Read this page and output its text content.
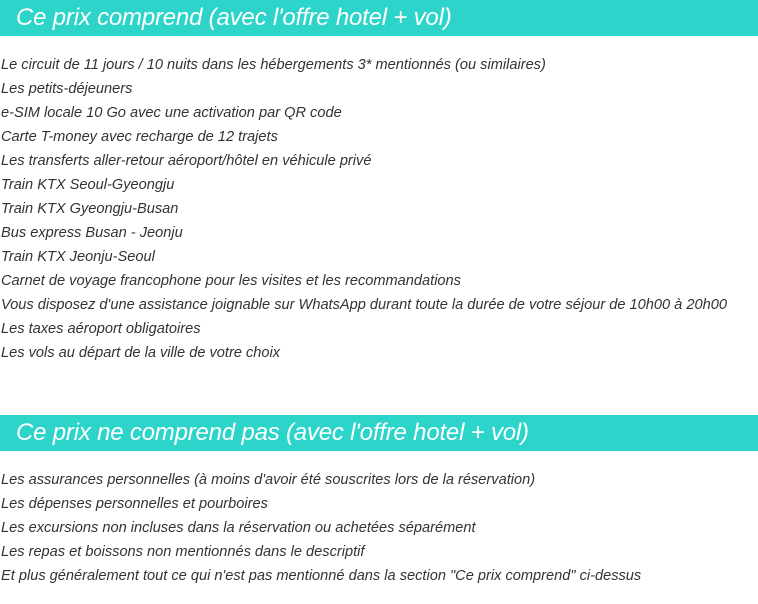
Ce prix comprend (avec l'offre hotel + vol)
Le circuit de 11 jours / 10 nuits dans les hébergements 3* mentionnés (ou similaires)
Les petits-déjeuners
e-SIM locale 10 Go avec une activation par QR code
Carte T-money avec recharge de 12 trajets
Les transferts aller-retour aéroport/hôtel en véhicule privé
Train KTX Seoul-Gyeongju
Train KTX Gyeongju-Busan
Bus express Busan - Jeonju
Train KTX Jeonju-Seoul
Carnet de voyage francophone pour les visites et les recommandations
Vous disposez d'une assistance joignable sur WhatsApp durant toute la durée de votre séjour de 10h00 à 20h00
Les taxes aéroport obligatoires
Les vols au départ de la ville de votre choix
Ce prix ne comprend pas (avec l'offre hotel + vol)
Les assurances personnelles (à moins d'avoir été souscrites lors de la réservation)
Les dépenses personnelles et pourboires
Les excursions non incluses dans la réservation ou achetées séparément
Les repas et boissons non mentionnés dans le descriptif
Et plus généralement tout ce qui n'est pas mentionné dans la section "Ce prix comprend" ci-dessus
